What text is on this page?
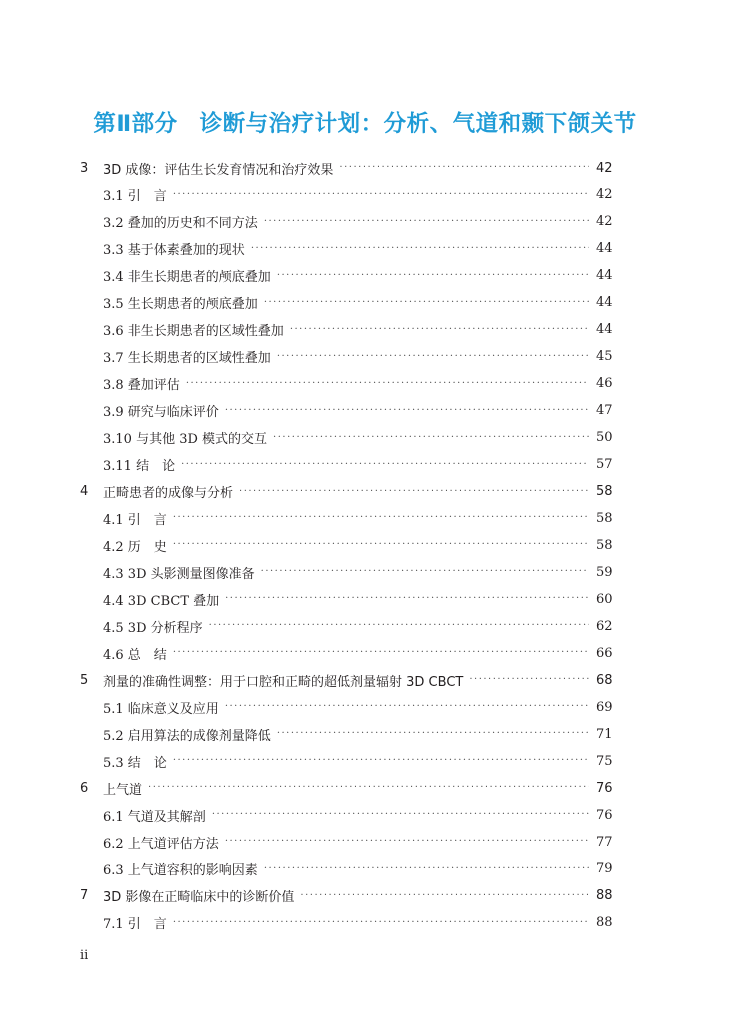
第Ⅱ部分 诊断与治疗计划：分析、气道和颞下颌关节
3	3D 成像：评估生长发育情况和治疗效果 ·····	42
3.1 引　言 ·····	42
3.2 叠加的历史和不同方法 ·····	42
3.3 基于体素叠加的现状 ·····	44
3.4 非生长期患者的颅底叠加 ·····	44
3.5 生长期患者的颅底叠加 ·····	44
3.6 非生长期患者的区域性叠加 ·····	44
3.7 生长期患者的区域性叠加 ·····	45
3.8 叠加评估 ·····	46
3.9 研究与临床评价 ·····	47
3.10 与其他 3D 模式的交互 ·····	50
3.11 结　论 ·····	57
4	正畸患者的成像与分析 ·····	58
4.1 引　言 ·····	58
4.2 历　史 ·····	58
4.3 3D 头影测量图像准备 ·····	59
4.4 3D CBCT 叠加 ·····	60
4.5 3D 分析程序 ·····	62
4.6 总　结 ·····	66
5	剂量的准确性调整：用于口腔和正畸的超低剂量辐射 3D CBCT ·····	68
5.1 临床意义及应用 ·····	69
5.2 启用算法的成像剂量降低 ·····	71
5.3 结　论 ·····	75
6	上气道 ·····	76
6.1 气道及其解剖 ·····	76
6.2 上气道评估方法 ·····	77
6.3 上气道容积的影响因素 ·····	79
7	3D 影像在正畸临床中的诊断价值 ·····	88
7.1 引　言 ·····	88
ii
